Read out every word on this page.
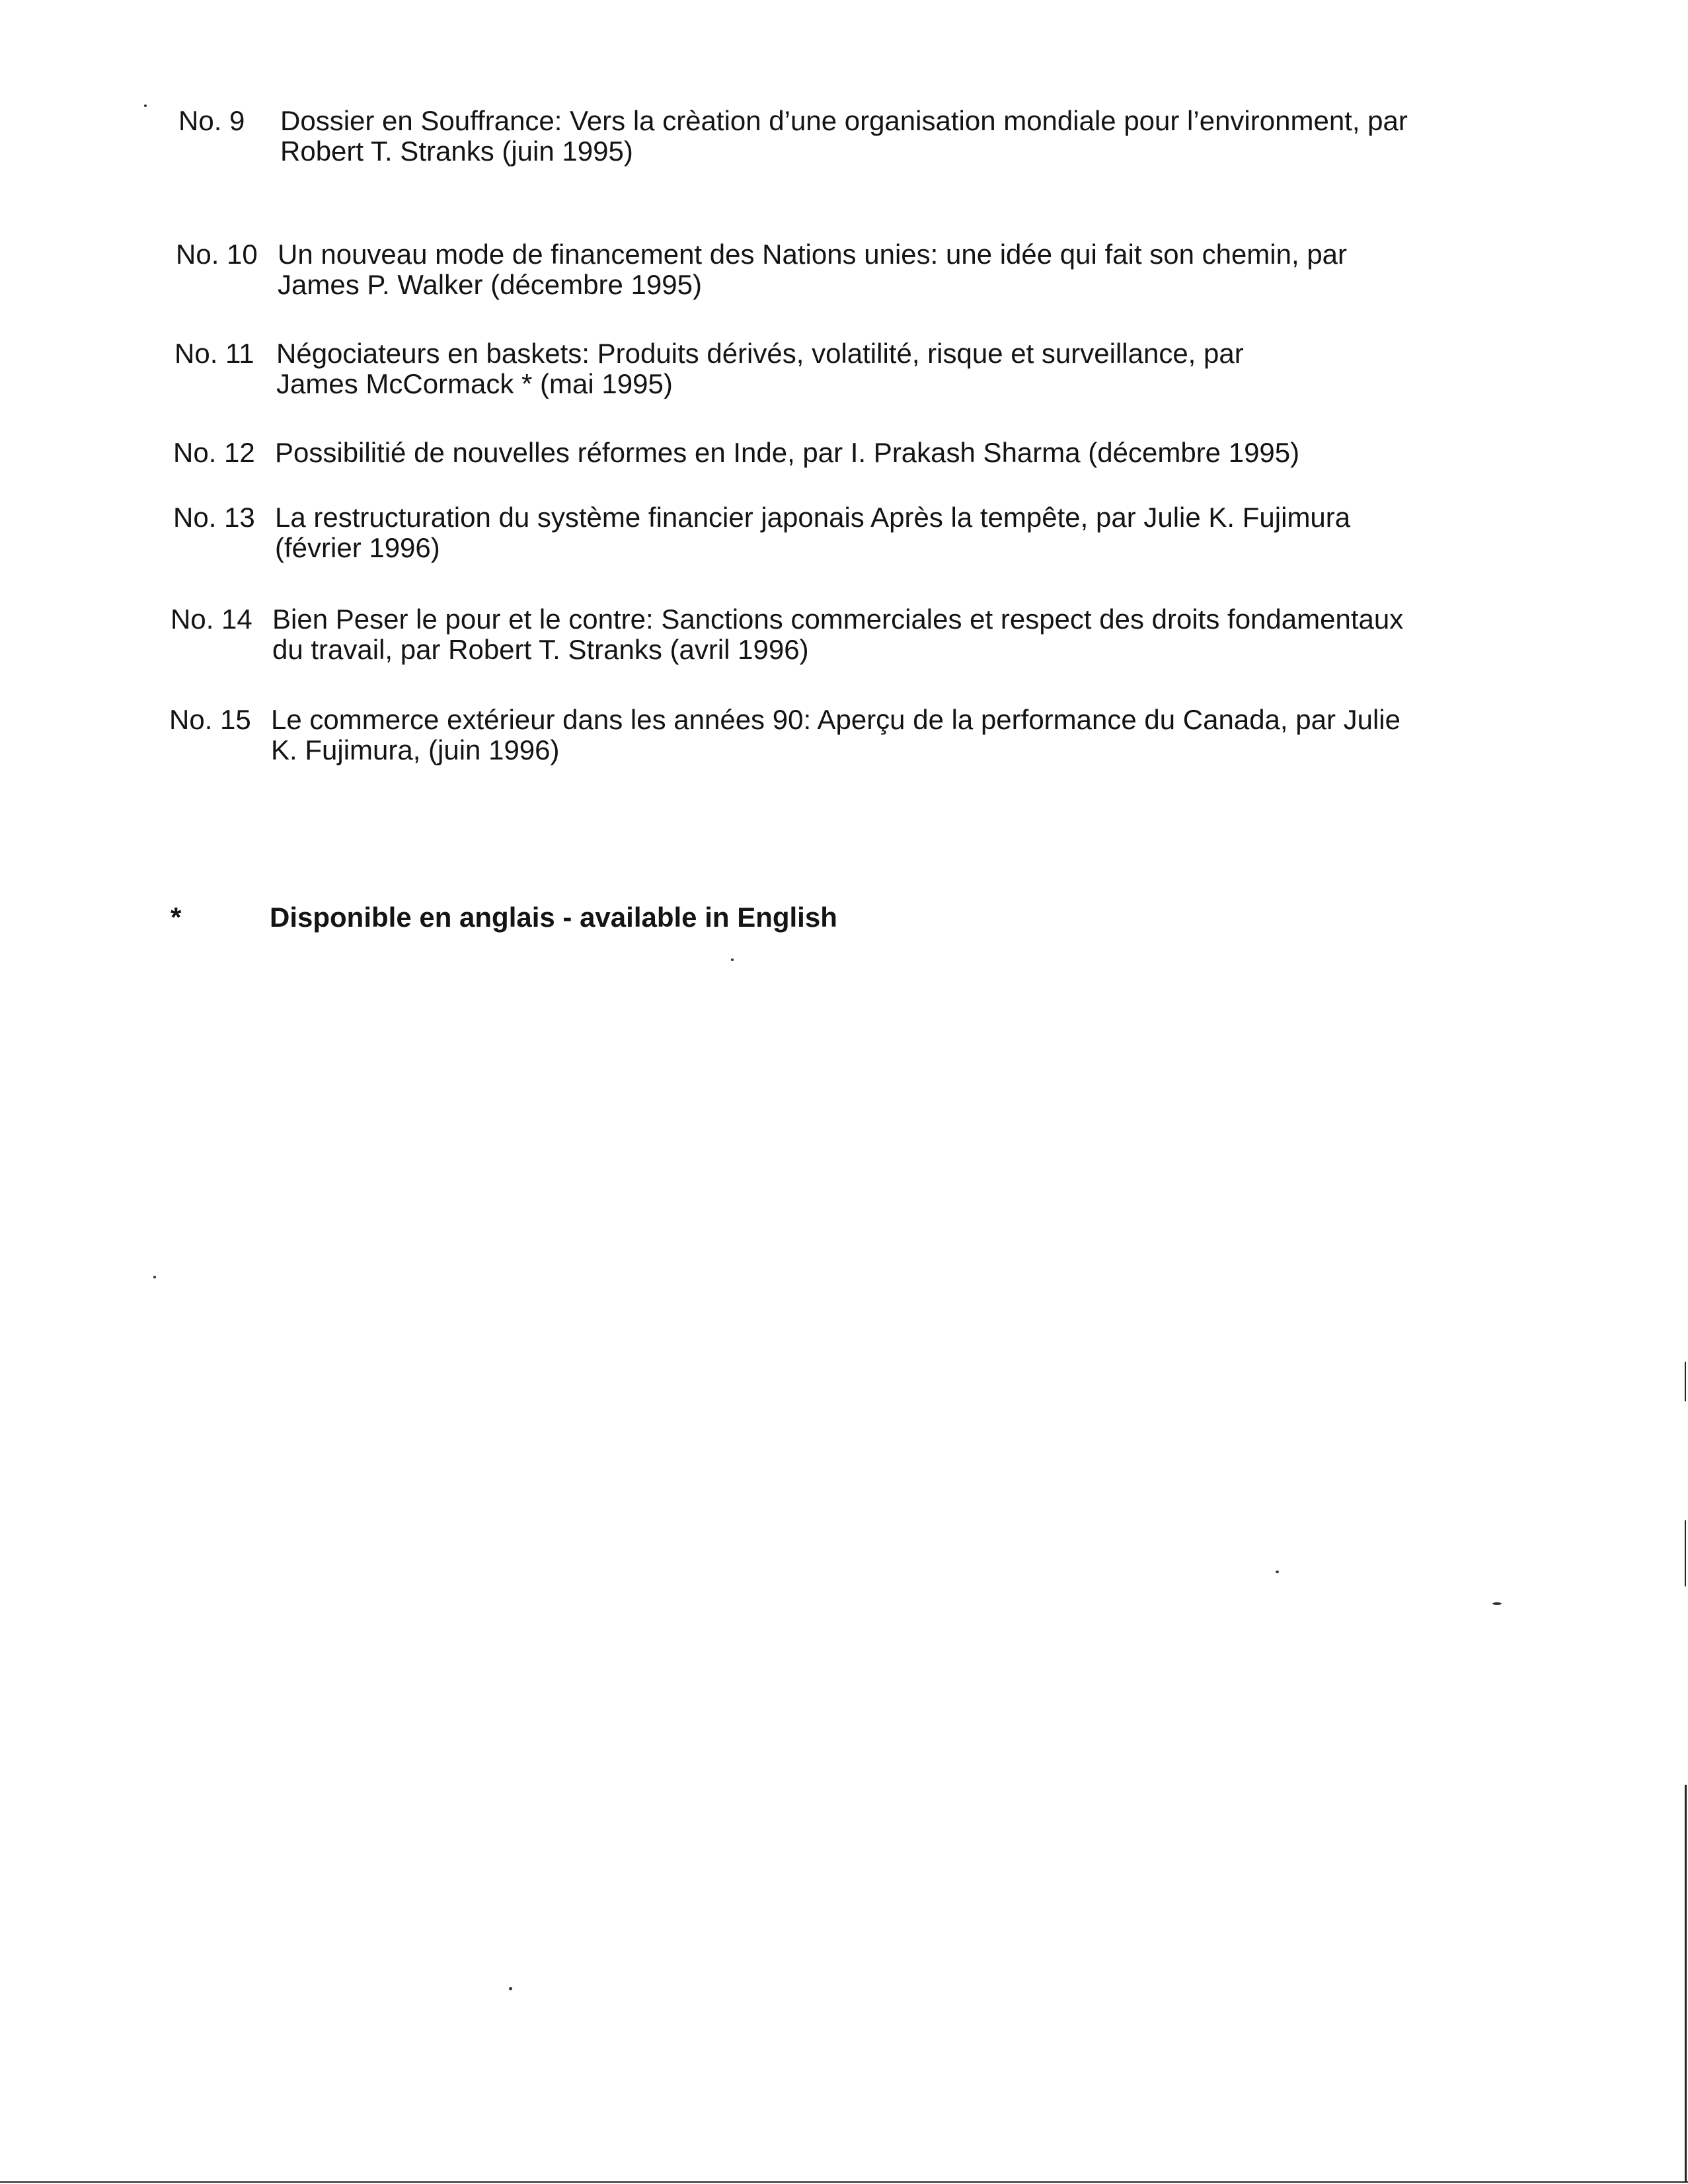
No. 9 Dossier en Souffrance: Vers la crèation d’une organisation mondiale pour l’environment, par
Robert T. Stranks (juin 1995)
No. 10 Un nouveau mode de financement des Nations unies: une idée qui fait son chemin, par
James P. Walker (décembre 1995)
No. 11 Négociateurs en baskets: Produits dérivés, volatilité, risque et surveillance, par
James McCormack * (mai 1995)
No. 12 Possibilitié de nouvelles réformes en Inde, par I. Prakash Sharma (décembre 1995)
No. 13 La restructuration du système financier japonais Après la tempête, par Julie K. Fujimura
(février 1996)
No. 14 Bien Peser le pour et le contre: Sanctions commerciales et respect des droits fondamentaux
du travail, par Robert T. Stranks (avril 1996)
No. 15 Le commerce extérieur dans les années 90: Aperçu de la performance du Canada, par Julie
K. Fujimura, (juin 1996)
*	Disponible en anglais - available in English
